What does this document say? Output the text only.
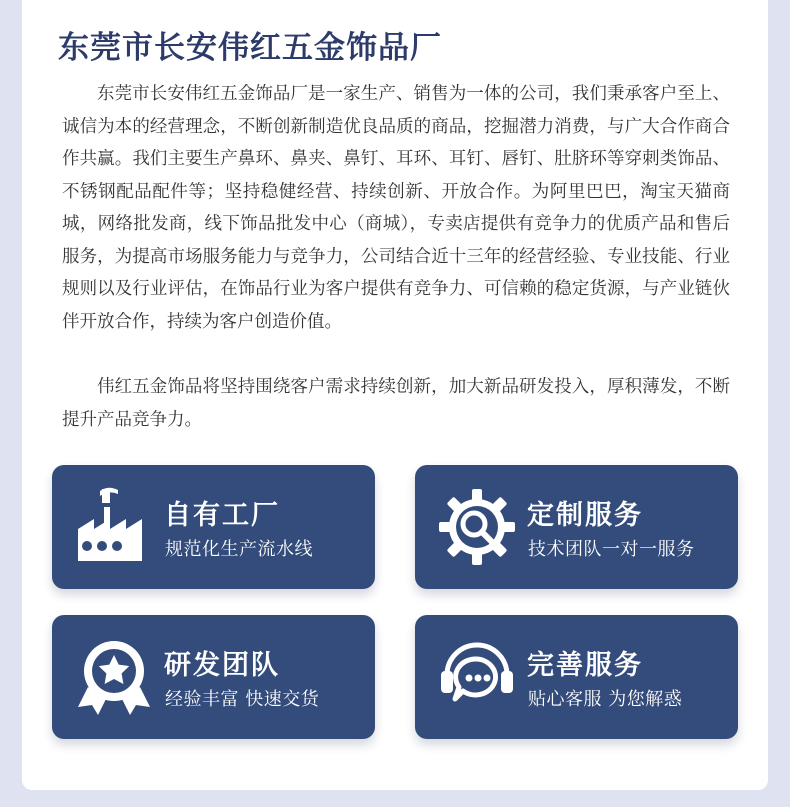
东莞市长安伟红五金饰品厂

东莞市长安伟红五金饰品厂是一家生产、销售为一体的公司，我们秉承客户至上、诚信为本的经营理念，不断创新制造优良品质的商品，挖掘潜力消费，与广大合作商合作共赢。我们主要生产鼻环、鼻夹、鼻钉、耳环、耳钉、唇钉、肚脐环等穿刺类饰品、不锈钢配品配件等；坚持稳健经营、持续创新、开放合作。为阿里巴巴，淘宝天猫商城，网络批发商，线下饰品批发中心（商城），专卖店提供有竞争力的优质产品和售后服务，为提高市场服务能力与竞争力，公司结合近十三年的经营经验、专业技能、行业规则以及行业评估，在饰品行业为客户提供有竞争力、可信赖的稳定货源，与产业链伙伴开放合作，持续为客户创造价值。

伟红五金饰品将坚持围绕客户需求持续创新，加大新品研发投入，厚积薄发，不断提升产品竞争力。

自有工厂
规范化生产流水线
定制服务
技术团队一对一服务
研发团队
经验丰富 快速交货
完善服务
贴心客服 为您解惑
